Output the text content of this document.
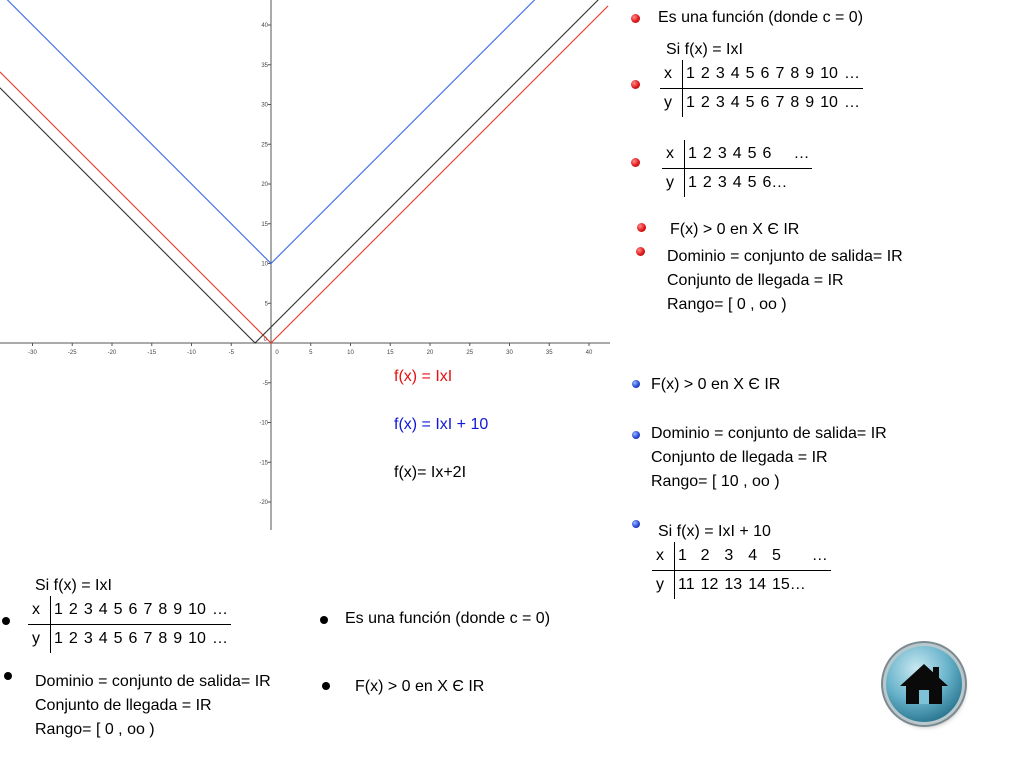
-30	-25	-20	-15	-10	-5	0	5	10	15	20	25	30	35	40
40
35
30
25
20
15
10
5
-5
-10
-15
-20
0
f(x) = IxI
f(x) = IxI + 10
f(x)= Ix+2I
Es una función (donde c = 0)
Si f(x) = IxI
x	1	2	3	4	5	6	7	8	9	10	…
y	1	2	3	4	5	6	7	8	9	10	…
x	1	2	3	4	5	6	…
y	1	2	3	4	5	6…	
F(x) > 0 en X Є IR
Dominio = conjunto de salida= IR
Conjunto de llegada = IR
Rango= [ 0 , oo )
F(x) > 0 en X Є IR
Dominio = conjunto de salida= IR
Conjunto de llegada = IR
Rango= [ 10 , oo )
Si f(x) = IxI + 10
x	1	2	3	4	5	…
y	11	12	13	14	15…	
Si f(x) = IxI
x	1	2	3	4	5	6	7	8	9	10	…
y	1	2	3	4	5	6	7	8	9	10	…
Es una función (donde c = 0)
Dominio = conjunto de salida= IR
Conjunto de llegada = IR
Rango= [ 0 , oo )
F(x) > 0 en X Є IR
